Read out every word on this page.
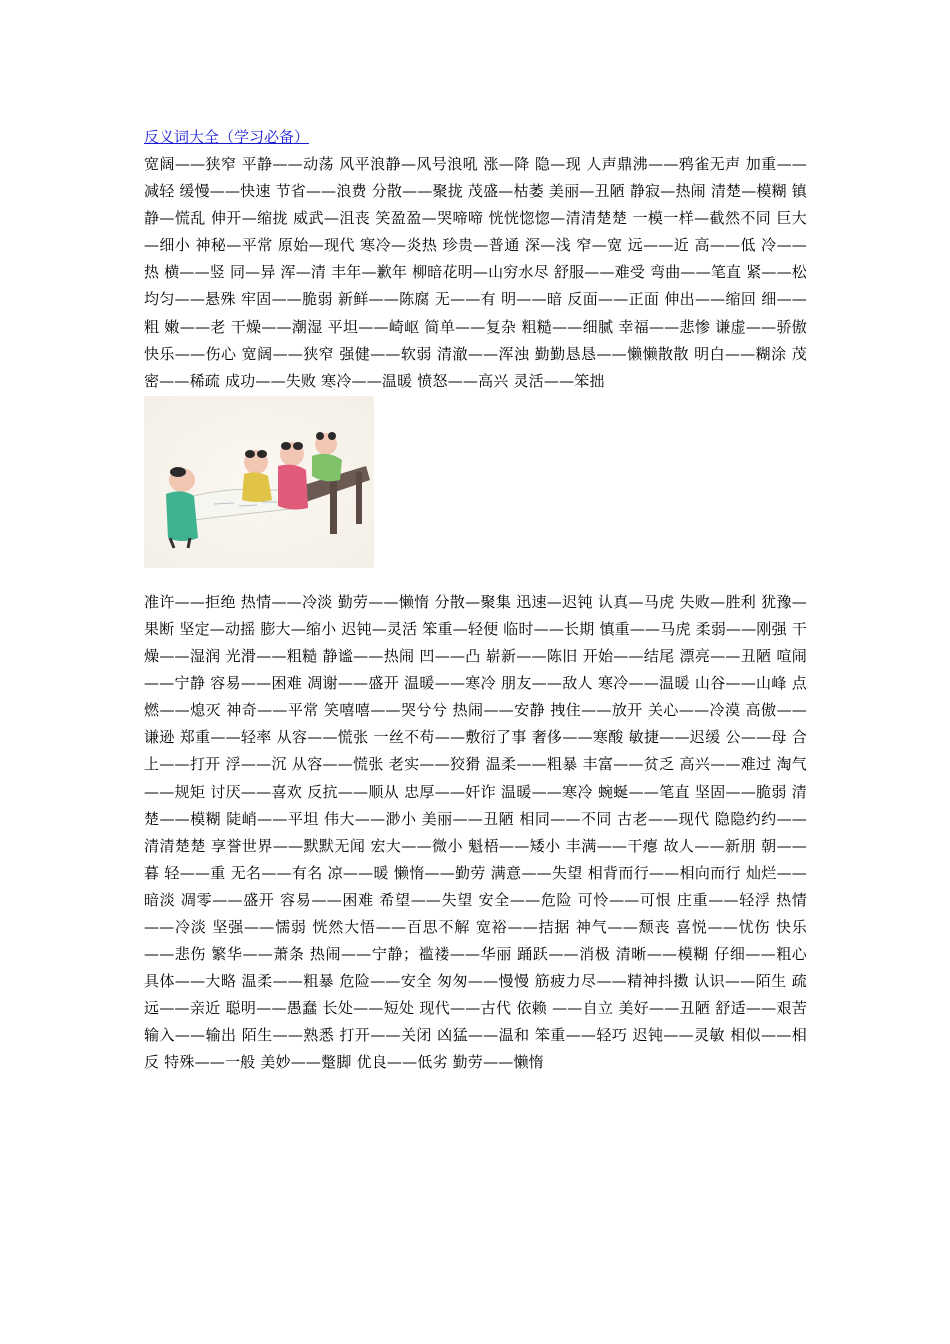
反义词大全（学习必备）

宽阔——狭窄 平静——动荡 风平浪静—风号浪吼 涨—降 隐—现 人声鼎沸——鸦雀无声 加重——减轻 缓慢——快速 节省——浪费 分散——聚拢 茂盛—枯萎 美丽—丑陋 静寂—热闹 清楚—模糊 镇静—慌乱 伸开—缩拢 威武—沮丧 笑盈盈—哭啼啼 恍恍惚惚—清清楚楚 一模一样—截然不同 巨大—细小 神秘—平常 原始—现代 寒冷—炎热 珍贵—普通 深—浅 窄—宽 远——近 高——低 冷——热 横——竖 同—异 浑—清 丰年—歉年 柳暗花明—山穷水尽 舒服——难受 弯曲——笔直 紧——松 均匀——悬殊 牢固——脆弱 新鲜——陈腐 无——有 明——暗 反面——正面 伸出——缩回 细——粗 嫩——老 干燥——潮湿 平坦——崎岖 简单——复杂 粗糙——细腻 幸福——悲惨 谦虚——骄傲 快乐——伤心 宽阔——狭窄 强健——软弱 清澈——浑浊 勤勤恳恳——懒懒散散 明白——糊涂 茂密——稀疏 成功——失败 寒冷——温暖 愤怒——高兴 灵活——笨拙

准许——拒绝 热情——冷淡 勤劳——懒惰 分散—聚集 迅速—迟钝 认真—马虎 失败—胜利 犹豫—果断 坚定—动摇 膨大—缩小 迟钝—灵活 笨重—轻便 临时——长期 慎重——马虎 柔弱——刚强 干燥——湿润 光滑——粗糙 静谧——热闹 凹——凸 崭新——陈旧 开始——结尾 漂亮——丑陋 喧闹——宁静 容易——困难 凋谢——盛开 温暖——寒冷 朋友——敌人 寒冷——温暖 山谷——山峰 点燃——熄灭 神奇——平常 笑嘻嘻——哭兮兮 热闹——安静 拽住——放开 关心——冷漠 高傲——谦逊 郑重——轻率 从容——慌张 一丝不苟——敷衍了事 奢侈——寒酸 敏捷——迟缓 公——母 合上——打开 浮——沉 从容——慌张 老实——狡猾 温柔——粗暴 丰富——贫乏 高兴——难过 淘气——规矩 讨厌——喜欢 反抗——顺从 忠厚——奸诈 温暖——寒冷 蜿蜒——笔直 坚固——脆弱 清楚——模糊 陡峭——平坦 伟大——渺小 美丽——丑陋 相同——不同 古老——现代 隐隐约约——清清楚楚 享誉世界——默默无闻 宏大——微小 魁梧——矮小 丰满——干瘪 故人——新朋 朝——暮 轻——重 无名——有名 凉——暖 懒惰——勤劳 满意——失望 相背而行——相向而行 灿烂——暗淡 凋零——盛开 容易——困难 希望——失望 安全——危险 可怜——可恨 庄重——轻浮 热情——冷淡 坚强——懦弱 恍然大悟——百思不解 宽裕——拮据 神气——颓丧 喜悦——忧伤 快乐——悲伤 繁华——萧条 热闹——宁静；褴褛——华丽 踊跃——消极 清晰——模糊 仔细——粗心 具体——大略 温柔——粗暴 危险——安全 匆匆——慢慢 筋疲力尽——精神抖擞 认识——陌生 疏远——亲近 聪明——愚蠢 长处——短处 现代——古代 依赖 ——自立 美好——丑陋 舒适——艰苦 输入——输出 陌生——熟悉 打开——关闭 凶猛——温和 笨重——轻巧 迟钝——灵敏 相似——相反 特殊——一般 美妙——蹩脚 优良——低劣 勤劳——懒惰
